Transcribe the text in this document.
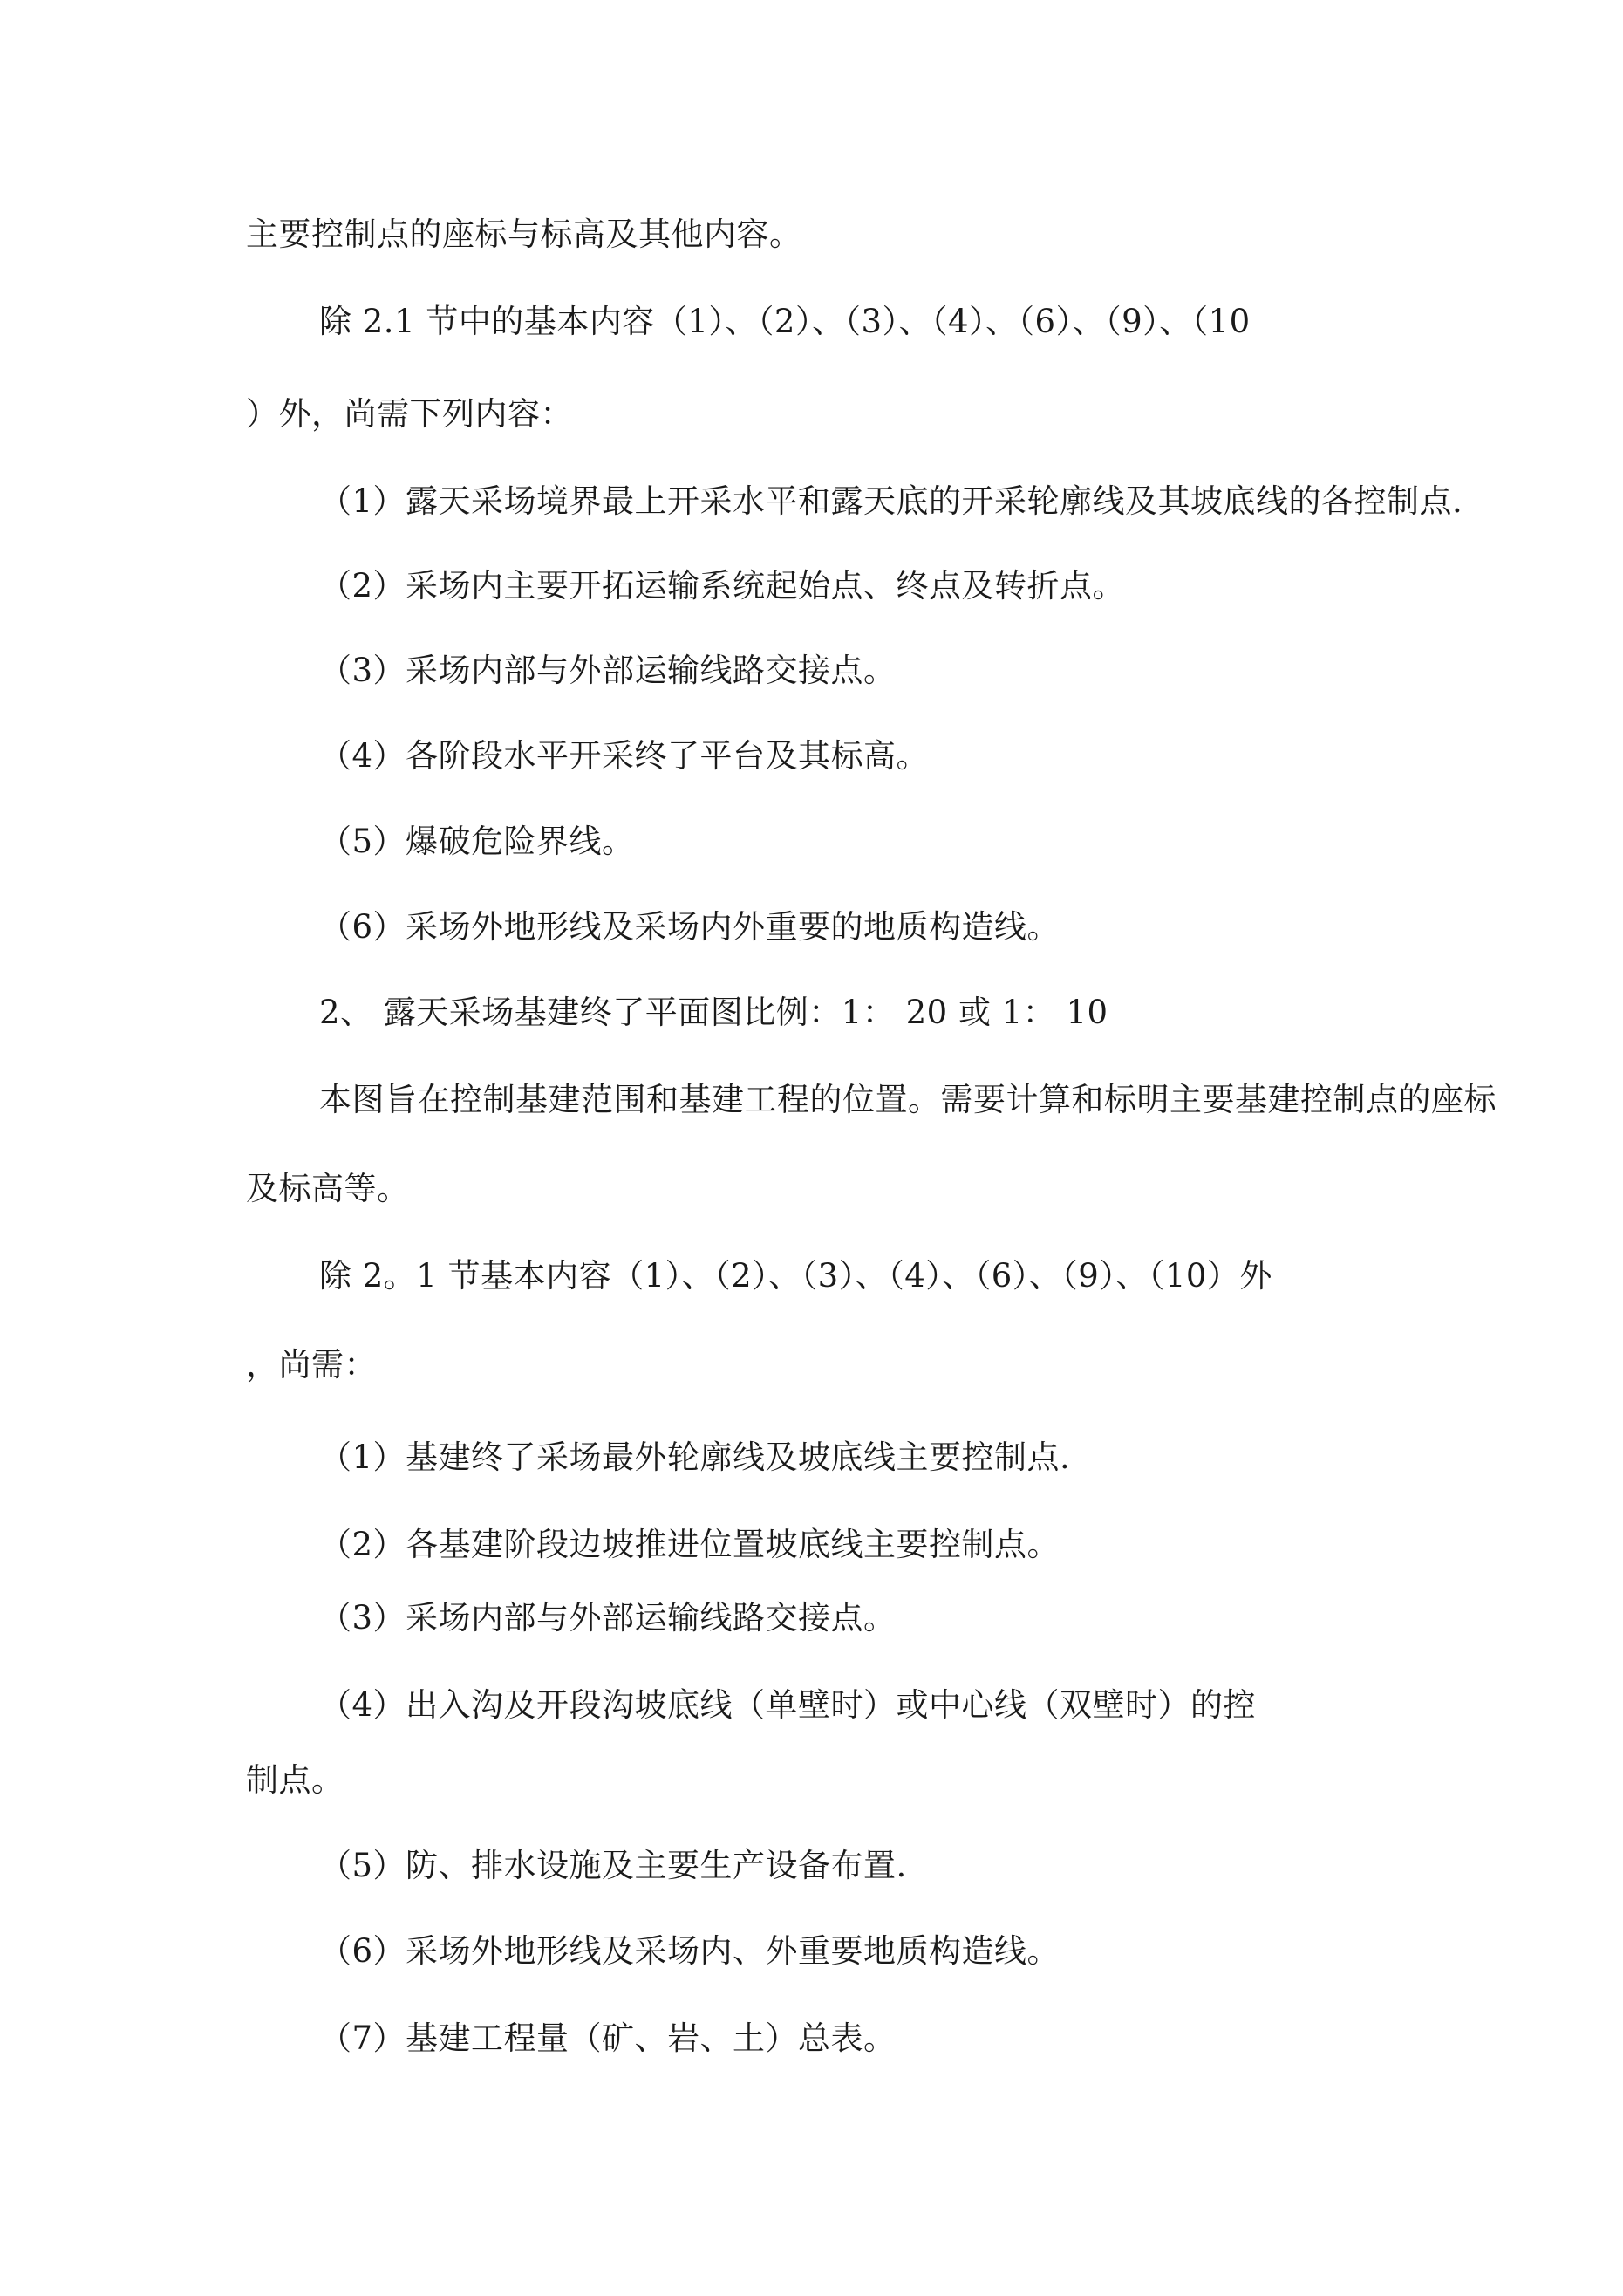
主要控制点的座标与标高及其他内容。
除 2.1 节中的基本内容（1）、（2）、（3）、（4）、（6）、（9）、（10
）外，尚需下列内容：
（1）露天采场境界最上开采水平和露天底的开采轮廓线及其坡底线的各控制点.
（2）采场内主要开拓运输系统起始点、终点及转折点。
（3）采场内部与外部运输线路交接点。
（4）各阶段水平开采终了平台及其标高。
（5）爆破危险界线。
（6）采场外地形线及采场内外重要的地质构造线。
2、 露天采场基建终了平面图比例：1： 20 或 1： 10
本图旨在控制基建范围和基建工程的位置。需要计算和标明主要基建控制点的座标
及标高等。
除 2。1 节基本内容（1）、（2）、（3）、（4）、（6）、（9）、（10）外
，尚需：
（1）基建终了采场最外轮廓线及坡底线主要控制点.
（2）各基建阶段边坡推进位置坡底线主要控制点。
（3）采场内部与外部运输线路交接点。
（4）出入沟及开段沟坡底线（单壁时）或中心线（双壁时）的控
制点。
（5）防、排水设施及主要生产设备布置.
（6）采场外地形线及采场内、外重要地质构造线。
（7）基建工程量（矿、岩、土）总表。
